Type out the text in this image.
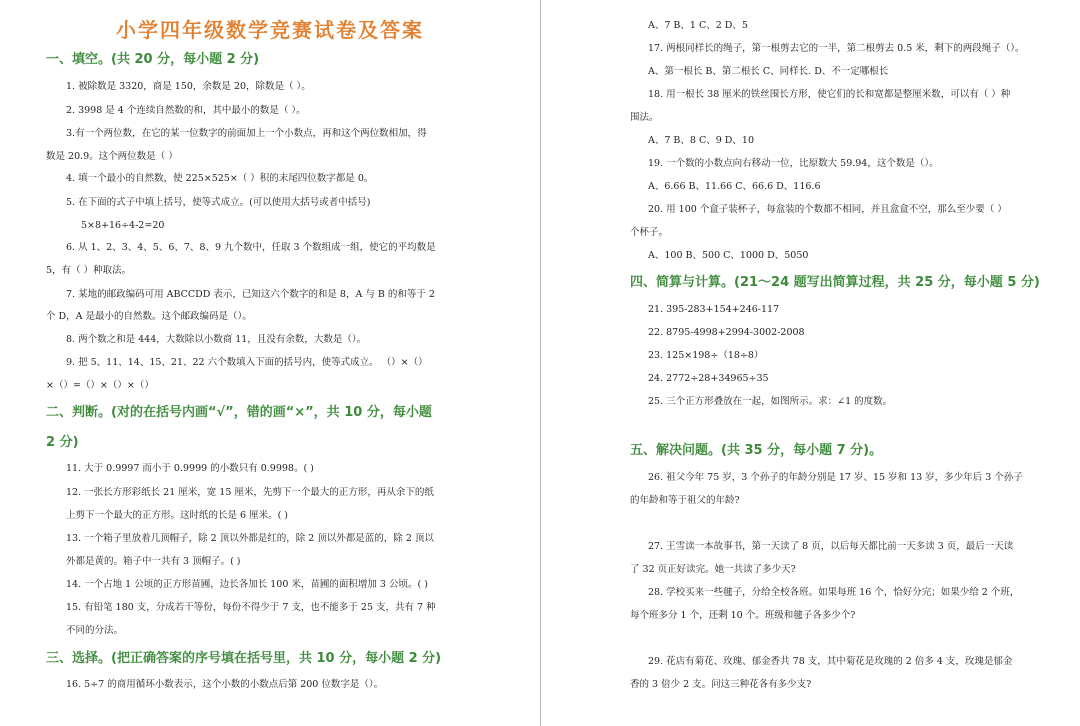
小学四年级数学竞赛试卷及答案
一、填空。(共 20 分，每小题 2 分)
1. 被除数是 3320，商是 150，余数是 20，除数是（ ）。
2. 3998 是 4 个连续自然数的和，其中最小的数是（ ）。
3.有一个两位数，在它的某一位数字的前面加上一个小数点，再和这个两位数相加，得
数是 20.9。这个两位数是（ ）
4. 填一个最小的自然数，使 225×525×（ ）积的末尾四位数字都是 0。
5. 在下面的式子中填上括号，使等式成立。(可以使用大括号或者中括号)
5×8+16÷4-2=20
6. 从 1、2、3、4、5、6、7、8、9 九个数中，任取 3 个数组成一组，使它的平均数是
5，有（ ）种取法。
7. 某地的邮政编码可用 ABCCDD 表示，已知这六个数字的和是 8，A 与 B 的和等于 2
个 D，A 是最小的自然数。这个邮政编码是（）。
8. 两个数之和是 444，大数除以小数商 11，且没有余数，大数是（）。
9. 把 5、11、14、15、21、22 六个数填入下面的括号内，使等式成立。 （）×（）
×（）=（）×（）×（）
二、判断。(对的在括号内画“√”，错的画“×”，共 10 分，每小题
2 分)
11. 大于 0.9997 而小于 0.9999 的小数只有 0.9998。( )
12. 一张长方形彩纸长 21 厘米，宽 15 厘米，先剪下一个最大的正方形，再从余下的纸
上剪下一个最大的正方形。这时纸的长是 6 厘米。( )
13. 一个箱子里放着几顶帽子，除 2 顶以外都是红的，除 2 顶以外都是蓝的，除 2 顶以
外都是黄的。箱子中一共有 3 顶帽子。( )
14. 一个占地 1 公顷的正方形苗圃，边长各加长 100 米，苗圃的面积增加 3 公顷。( )
15. 有铅笔 180 支，分成若干等份，每份不得少于 7 支，也不能多于 25 支，共有 7 种
不同的分法。
三、选择。(把正确答案的序号填在括号里，共 10 分，每小题 2 分)
16. 5÷7 的商用循环小数表示，这个小数的小数点后第 200 位数字是（）。
A、7 B、1 C、2 D、5
17. 两根同样长的绳子，第一根剪去它的一半，第二根剪去 0.5 米，剩下的两段绳子（）。
A、第一根长 B、第二根长 C、同样长. D、不一定哪根长
18. 用一根长 38 厘米的铁丝围长方形，使它们的长和宽都是整厘米数，可以有（ ）种
围法。
A、7 B、8 C、9 D、10
19. 一个数的小数点向右移动一位，比原数大 59.94，这个数是（）。
A、6.66 B、11.66 C、66.6 D、116.6
20. 用 100 个盒子装杯子，每盒装的个数都不相同，并且盒盒不空，那么至少要（ ）
个杯子。
A、100 B、500 C、1000 D、5050
四、简算与计算。(21～24 题写出简算过程，共 25 分，每小题 5 分)
21. 395-283+154+246-117
22. 8795-4998+2994-3002-2008
23. 125×198÷（18÷8）
24. 2772÷28+34965÷35
25. 三个正方形叠放在一起，如图所示。求：∠1 的度数。
五、解决问题。(共 35 分，每小题 7 分)。
26. 祖父今年 75 岁，3 个孙子的年龄分别是 17 岁、15 岁和 13 岁，多少年后 3 个孙子
的年龄和等于祖父的年龄?
27. 王雪读一本故事书，第一天读了 8 页，以后每天都比前一天多读 3 页，最后一天读
了 32 页正好读完。她一共读了多少天?
28. 学校买来一些毽子，分给全校各班。如果每班 16 个，恰好分完；如果少给 2 个班，
每个班多分 1 个，还剩 10 个。班级和毽子各多少个?
29. 花店有菊花、玫瑰、郁金香共 78 支，其中菊花是玫瑰的 2 倍多 4 支，玫瑰是郁金
香的 3 倍少 2 支。问这三种花各有多少支?
